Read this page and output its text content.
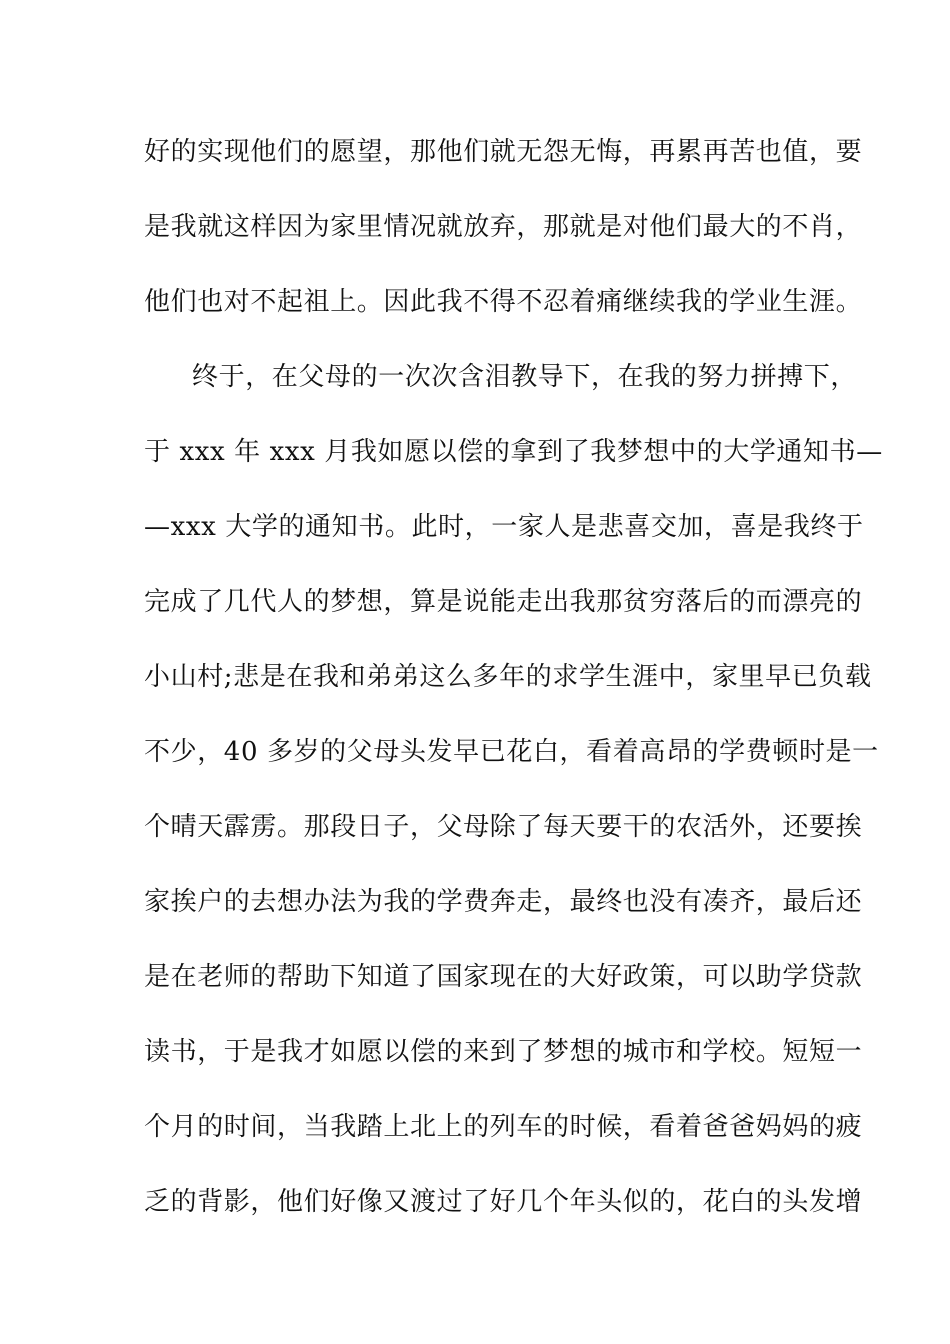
好的实现他们的愿望，那他们就无怨无悔，再累再苦也值，要
是我就这样因为家里情况就放弃，那就是对他们最大的不肖，
他们也对不起祖上。因此我不得不忍着痛继续我的学业生涯。
终于，在父母的一次次含泪教导下，在我的努力拼搏下，
于 xxx 年 xxx 月我如愿以偿的拿到了我梦想中的大学通知书—
—xxx 大学的通知书。此时，一家人是悲喜交加，喜是我终于
完成了几代人的梦想，算是说能走出我那贫穷落后的而漂亮的
小山村;悲是在我和弟弟这么多年的求学生涯中，家里早已负载
不少，40 多岁的父母头发早已花白，看着高昂的学费顿时是一
个晴天霹雳。那段日子，父母除了每天要干的农活外，还要挨
家挨户的去想办法为我的学费奔走，最终也没有凑齐，最后还
是在老师的帮助下知道了国家现在的大好政策，可以助学贷款
读书，于是我才如愿以偿的来到了梦想的城市和学校。短短一
个月的时间，当我踏上北上的列车的时候，看着爸爸妈妈的疲
乏的背影，他们好像又渡过了好几个年头似的，花白的头发增
